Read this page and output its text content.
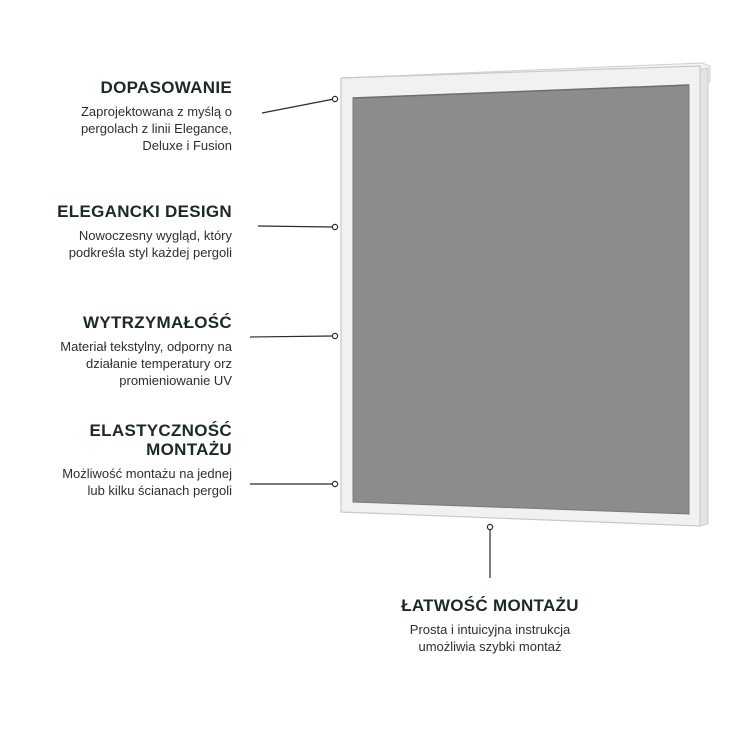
DOPASOWANIE

Zaprojektowana z myślą o
pergolach z linii Elegance,
Deluxe i Fusion

ELEGANCKI DESIGN

Nowoczesny wygląd, który
podkreśla styl każdej pergoli

WYTRZYMAŁOŚĆ

Materiał tekstylny, odporny na
działanie temperatury orz
promieniowanie UV

ELASTYCZNOŚĆ
MONTAŻU

Możliwość montażu na jednej
lub kilku ścianach pergoli

ŁATWOŚĆ MONTAŻU

Prosta i intuicyjna instrukcja
umożliwia szybki montaż
